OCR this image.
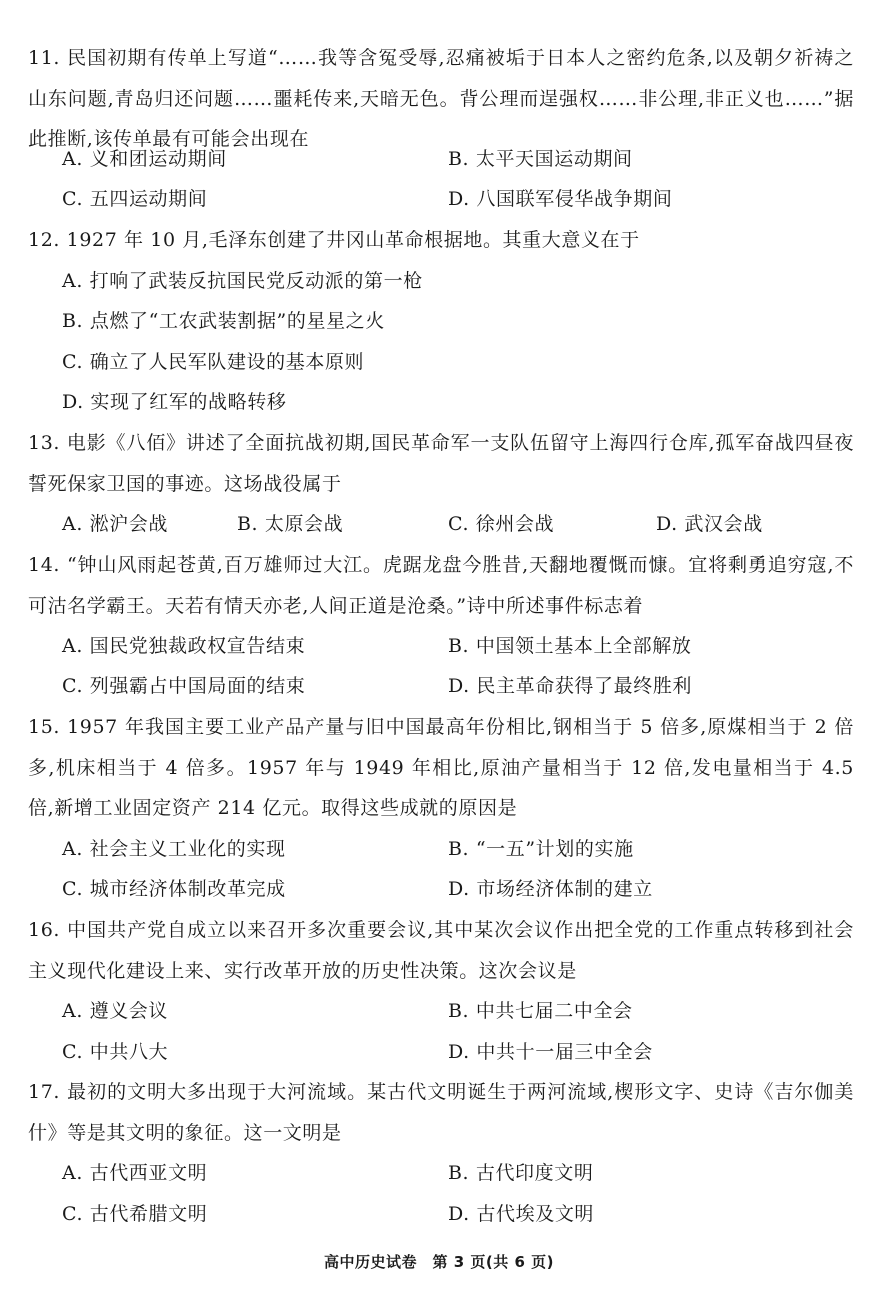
11. 民国初期有传单上写道“……我等含冤受辱,忍痛被垢于日本人之密约危条,以及朝夕祈祷之山东问题,青岛归还问题……噩耗传来,天暗无色。背公理而逞强权……非公理,非正义也……”据此推断,该传单最有可能会出现在
A. 义和团运动期间	B. 太平天国运动期间
C. 五四运动期间	D. 八国联军侵华战争期间
12. 1927 年 10 月,毛泽东创建了井冈山革命根据地。其重大意义在于
A. 打响了武装反抗国民党反动派的第一枪
B. 点燃了“工农武装割据”的星星之火
C. 确立了人民军队建设的基本原则
D. 实现了红军的战略转移
13. 电影《八佰》讲述了全面抗战初期,国民革命军一支队伍留守上海四行仓库,孤军奋战四昼夜誓死保家卫国的事迹。这场战役属于
A. 淞沪会战	B. 太原会战	C. 徐州会战	D. 武汉会战
14. “钟山风雨起苍黄,百万雄师过大江。虎踞龙盘今胜昔,天翻地覆慨而慷。宜将剩勇追穷寇,不可沽名学霸王。天若有情天亦老,人间正道是沧桑。”诗中所述事件标志着
A. 国民党独裁政权宣告结束	B. 中国领土基本上全部解放
C. 列强霸占中国局面的结束	D. 民主革命获得了最终胜利
15. 1957 年我国主要工业产品产量与旧中国最高年份相比,钢相当于 5 倍多,原煤相当于 2 倍多,机床相当于 4 倍多。1957 年与 1949 年相比,原油产量相当于 12 倍,发电量相当于 4.5 倍,新增工业固定资产 214 亿元。取得这些成就的原因是
A. 社会主义工业化的实现	B. “一五”计划的实施
C. 城市经济体制改革完成	D. 市场经济体制的建立
16. 中国共产党自成立以来召开多次重要会议,其中某次会议作出把全党的工作重点转移到社会主义现代化建设上来、实行改革开放的历史性决策。这次会议是
A. 遵义会议	B. 中共七届二中全会
C. 中共八大	D. 中共十一届三中全会
17. 最初的文明大多出现于大河流域。某古代文明诞生于两河流域,楔形文字、史诗《吉尔伽美什》等是其文明的象征。这一文明是
A. 古代西亚文明	B. 古代印度文明
C. 古代希腊文明	D. 古代埃及文明
高中历史试卷　第 3 页(共 6 页)
